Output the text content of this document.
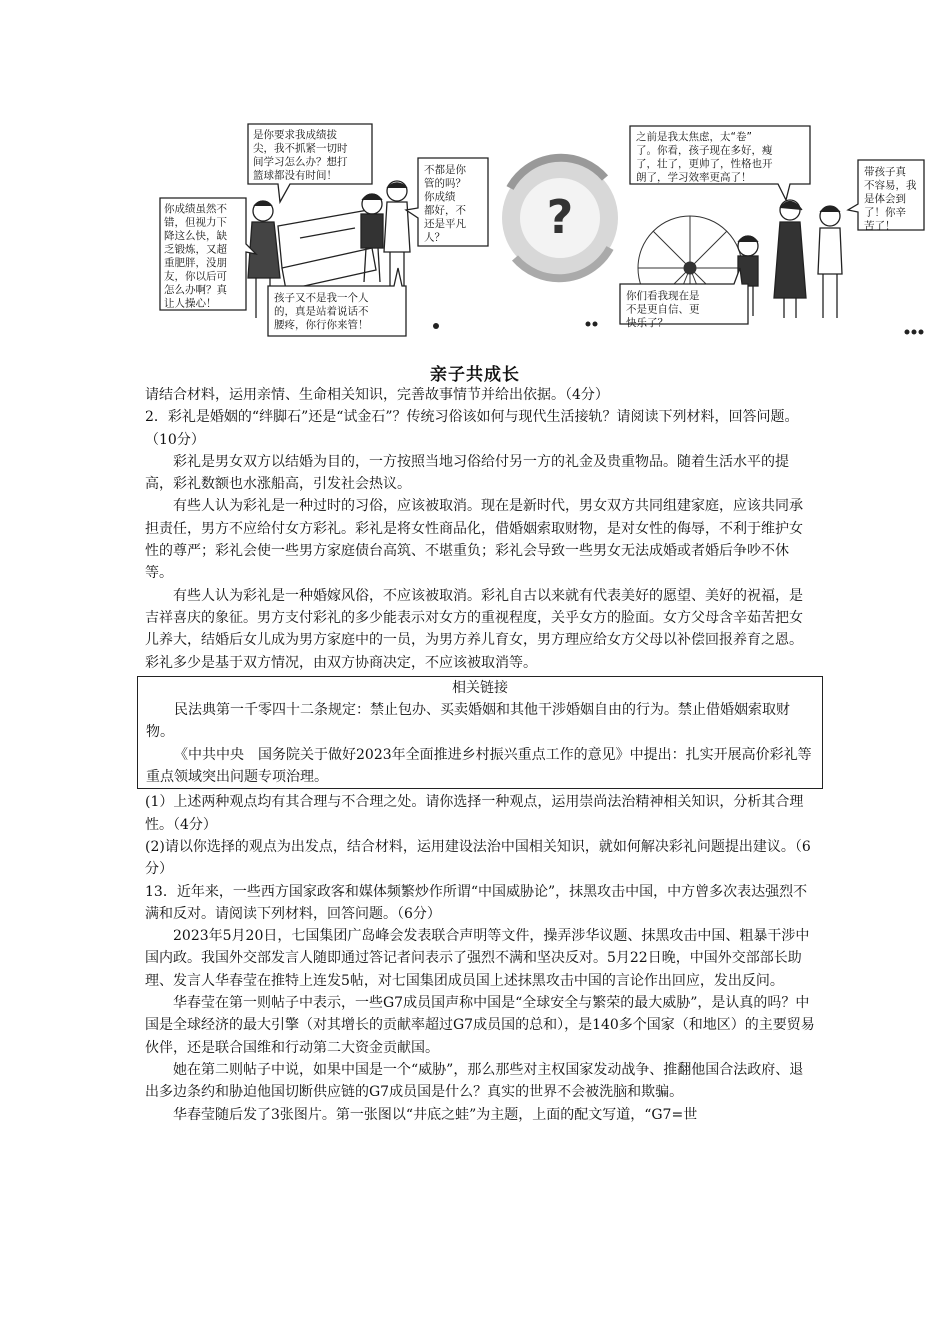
?
是你要求我成绩拔 尖，我不抓紧一切时 间学习怎么办？想打 篮球都没有时间！
你成绩虽然不 错，但视力下 降这么快，缺 乏锻炼，又超 重肥胖，没朋 友，你以后可 怎么办啊？真 让人操心！
不都是你 管的吗？ 你成绩 都好，不 还是平凡 人？
孩子又不是我一个人 的，真是站着说话不 腰疼，你行你来管！
之前是我太焦虑，太“卷” 了。你看，孩子现在多好，瘦 了，壮了，更帅了，性格也开 朗了，学习效率更高了！	带孩子真 不容易，我 是体会到 了！你辛 苦了！
你们看我现在是 不是更自信、更 快乐了？
亲子共成长

请结合材料，运用亲情、生命相关知识，完善故事情节并给出依据。（4分）

2．彩礼是婚姻的“绊脚石”还是“试金石”？传统习俗该如何与现代生活接轨？请阅读下列材料，回答问题。（10分）

彩礼是男女双方以结婚为目的，一方按照当地习俗给付另一方的礼金及贵重物品。随着生活水平的提高，彩礼数额也水涨船高，引发社会热议。

有些人认为彩礼是一种过时的习俗，应该被取消。现在是新时代，男女双方共同组建家庭，应该共同承担责任，男方不应给付女方彩礼。彩礼是将女性商品化，借婚姻索取财物，是对女性的侮辱，不利于维护女性的尊严；彩礼会使一些男方家庭债台高筑、不堪重负；彩礼会导致一些男女无法成婚或者婚后争吵不休等。

有些人认为彩礼是一种婚嫁风俗，不应该被取消。彩礼自古以来就有代表美好的愿望、美好的祝福，是吉祥喜庆的象征。男方支付彩礼的多少能表示对女方的重视程度，关乎女方的脸面。女方父母含辛茹苦把女儿养大，结婚后女儿成为男方家庭中的一员，为男方养儿育女，男方理应给女方父母以补偿回报养育之恩。彩礼多少是基于双方情况，由双方协商决定，不应该被取消等。

相关链接

民法典第一千零四十二条规定：禁止包办、买卖婚姻和其他干涉婚姻自由的行为。禁止借婚姻索取财物。

《中共中央　国务院关于做好2023年全面推进乡村振兴重点工作的意见》中提出：扎实开展高价彩礼等重点领域突出问题专项治理。

(1）上述两种观点均有其合理与不合理之处。请你选择一种观点，运用崇尚法治精神相关知识，分析其合理性。（4分）

(2)请以你选择的观点为出发点，结合材料，运用建设法治中国相关知识，就如何解决彩礼问题提出建议。（6分）

13．近年来，一些西方国家政客和媒体频繁炒作所谓“中国威胁论”，抹黑攻击中国，中方曾多次表达强烈不满和反对。请阅读下列材料，回答问题。（6分）

2023年5月20日，七国集团广岛峰会发表联合声明等文件，操弄涉华议题、抹黑攻击中国、粗暴干涉中国内政。我国外交部发言人随即通过答记者问表示了强烈不满和坚决反对。5月22日晚，中国外交部部长助理、发言人华春莹在推特上连发5帖，对七国集团成员国上述抹黑攻击中国的言论作出回应，发出反问。

华春莹在第一则帖子中表示，一些G7成员国声称中国是“全球安全与繁荣的最大威胁”，是认真的吗？中国是全球经济的最大引擎（对其增长的贡献率超过G7成员国的总和），是140多个国家（和地区）的主要贸易伙伴，还是联合国维和行动第二大资金贡献国。

她在第二则帖子中说，如果中国是一个“威胁”，那么那些对主权国家发动战争、推翻他国合法政府、退出多边条约和胁迫他国切断供应链的G7成员国是什么？真实的世界不会被洗脑和欺骗。

华春莹随后发了3张图片。第一张图以“井底之蛙”为主题，上面的配文写道，“G7=世
